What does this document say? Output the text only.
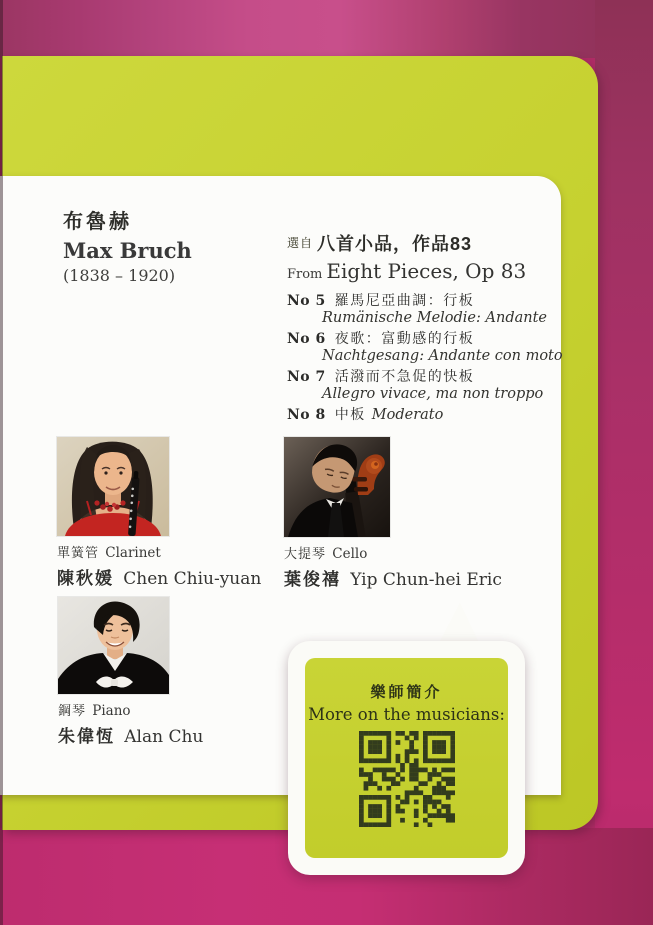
布魯赫
Max Bruch
(1838 – 1920)
選自 八首小品，作品83
From Eight Pieces, Op 83
No 5 羅馬尼亞曲調：行板
Rumänische Melodie: Andante
No 6 夜歌：富動感的行板
Nachtgesang: Andante con moto
No 7 活潑而不急促的快板
Allegro vivace, ma non troppo
No 8 中板 Moderato
單簧管 Clarinet
陳秋媛 Chen Chiu-yuan
大提琴 Cello
葉俊禧 Yip Chun-hei Eric
鋼琴 Piano
朱偉恆 Alan Chu
樂師簡介
More on the musicians:
